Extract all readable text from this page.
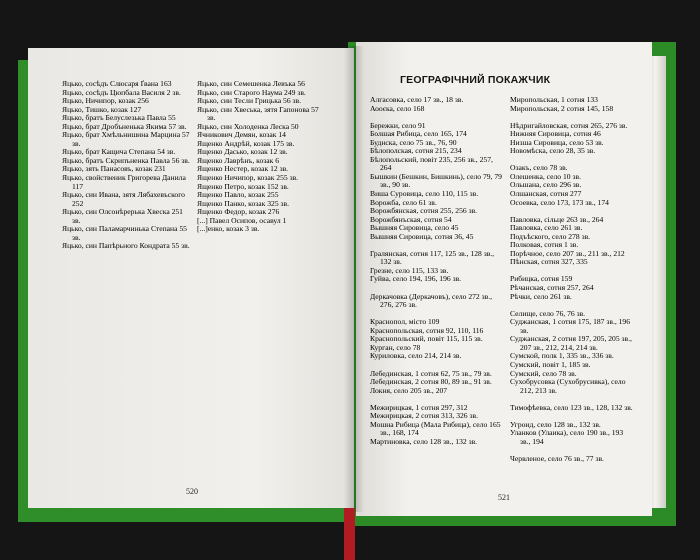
Яцько, сосѣдъ Слюсаря Ґвана 163
Яцько, сосѣдъ Цюпбала Василя 2 зв.
Яцько, Ничипор, козак 256
Яцько, Тишко, козак 127
Яцько, братъ Белуслезька Павла 55
Яцько, брат Дробъненька Якима 57 зв.
Яцько, брат Хмѣльнишина Марцина 57 зв.
Яцько, брат Кащича Степана 54 зв.
Яцько, братъ Скрипъненка Павла 56 зв.
Яцько, зять Панасовъ, козак 231
Яцько, свойственик Григорева Данила 117
Яцько, син Ивана, зятя Лябахевъского 252
Яцько, син Олсонѣрерька Хвеска 251 зв.
Яцько, син Паламарчинька Степана 55 зв.
Яцько, син Папѣрьного Кондрата 55 зв.
Яцько, син Семешенка Левъка 56
Яцько, син Старого Наума 249 зв.
Яцько, син Тесли Грицька 56 зв.
Яцько, син Хвеська, зятя Гапонова 57 зв.
Яцько, син Холоденка Леска 50
Ячникович Демян, козак 14
Ященко Андрѣй, козак 175 зв.
Ященко Дасько, козак 12 зв.
Ященко Лаврѣнъ, козак 6
Ященко Нестер, козак 12 зв.
Ященко Ничипор, козак 255 зв.
Ященко Петро, козак 152 зв.
Ященко Павло, козак 255
Ященко Панко, козак 325 зв.
Ященко Федор, козак 276
[...] Павел Осипов, осавул 1
[...]енко, козак 3 зв.
520
ГЕОГРАФІЧНИЙ ПОКАЖЧИК
Алгасовка, село 17 зв., 18 зв.
Аооєка, село 168
Бережки, село 91
Болшая Рибица, село 165, 174
Буднска, село 75 зв., 76, 90
Бѣлополская, сотня 215, 234
Бѣлопольский, повіт 235, 256 зв., 257, 264
Бышкин (Бешкин, Бишкинь), село 79, 79 зв., 90 зв.
Виша Суровица, село 110, 115 зв.
Ворожба, село 61 зв.
Ворожбянская, сотня 255, 256 зв.
Ворожбянъская, сотня 54
Вышняя Сировица, село 45
Вышняя Сировица, сотня 36, 45
Гралянская, сотня 117, 125 зв., 128 зв., 132 зв.
Грезне, село 115, 133 зв.
Гуйва, село 194, 196, 196 зв.
Деркачовка (Деркачовъ), село 272 зв., 276, 276 зв.
Краснопол, місто 109
Краснопольская, сотня 92, 110, 116
Краснопольский, повіт 115, 115 зв.
Курган, село 78
Куриловка, село 214, 214 зв.
Лебединская, 1 сотня 62, 75 зв., 79 зв.
Лебединская, 2 сотня 80, 89 зв., 91 зв.
Локня, село 205 зв., 207
Межирицкая, 1 сотня 297, 312
Межирицкая, 2 сотня 313, 326 зв.
Мошна Рибица (Мала Рибица), село 165 зв., 168, 174
Мартиновка, село 128 зв., 132 зв.
Миропольская, 1 сотня 133
Миропольская, 2 сотня 145, 158
Нѣдригайловская, сотня 265, 276 зв.
Нижняя Сировица, сотня 46
Низша Сировица, село 53 зв.
Новомѣска, село 28, 35 зв.
Озакъ, село 78 зв.
Олешенка, село 10 зв.
Ольшана, село 296 зв.
Олшанская, сотня 277
Осоевка, село 173, 173 зв., 174
Павловка, сільце 263 зв., 264
Павловка, село 261 зв.
Подъѣского, село 278 зв.
Полковая, сотня 1 зв.
Порѣчное, село 207 зв., 211 зв., 212
Пѣнская, сотня 327, 335
Рибицка, сотня 159
Рѣчанская, сотня 257, 264
Рѣчки, село 261 зв.
Селище, село 76, 76 зв.
Суджанская, 1 сотня 175, 187 зв., 196 зв.
Суджанская, 2 сотня 197, 205, 205 зв., 207 зв., 212, 214, 214 зв.
Сумской, полк 1, 335 зв., 336 зв.
Сумский, повіт 1, 185 зв.
Сумский, село 78 зв.
Сухобрусовка (Сухобрусивка), село 212, 213 зв.
Тимофѣевка, село 123 зв., 128, 132 зв.
Угроид, село 128 зв., 132 зв.
Уланков (Улаика), село 190 зв., 193 зв., 194
Червленое, село 76 зв., 77 зв.
521
